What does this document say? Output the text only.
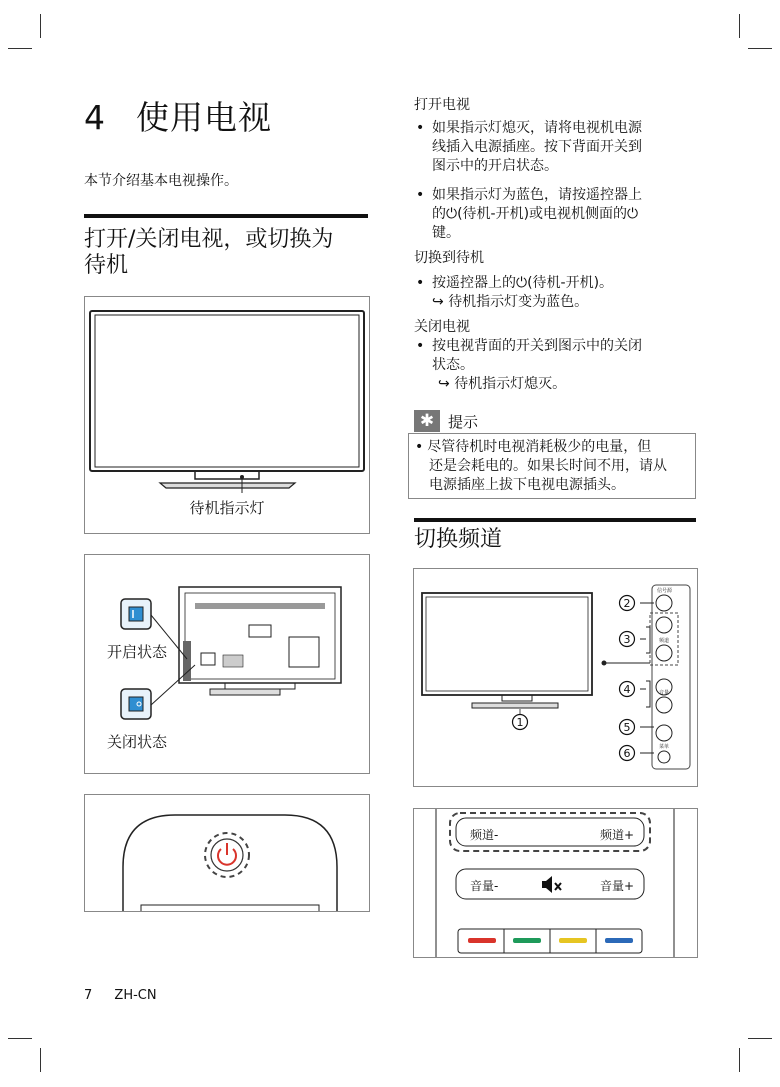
4 使用电视
本节介绍基本电视操作。
打开/关闭电视，或切换为
待机
待机指示灯
开启状态
关闭状态
打开电视
• 如果指示灯熄灭，请将电视机电源
线插入电源插座。按下背面开关到
图示中的开启状态。
• 如果指示灯为蓝色，请按遥控器上
的⏻(待机-开机)或电视机侧面的⏻
键。
切换到待机
• 按遥控器上的⏻(待机-开机)。
↪ 待机指示灯变为蓝色。
关闭电视
• 按电视背面的开关到图示中的关闭
状态。
↪ 待机指示灯熄灭。
✱ 提示
• 尽管待机时电视消耗极少的电量，但
还是会耗电的。如果长时间不用，请从
电源插座上拔下电视电源插头。
切换频道
信号源
频道
音量
菜单
2
3
4
5
6
1
频道-	频道+
音量-	音量+
7 ZH-CN
